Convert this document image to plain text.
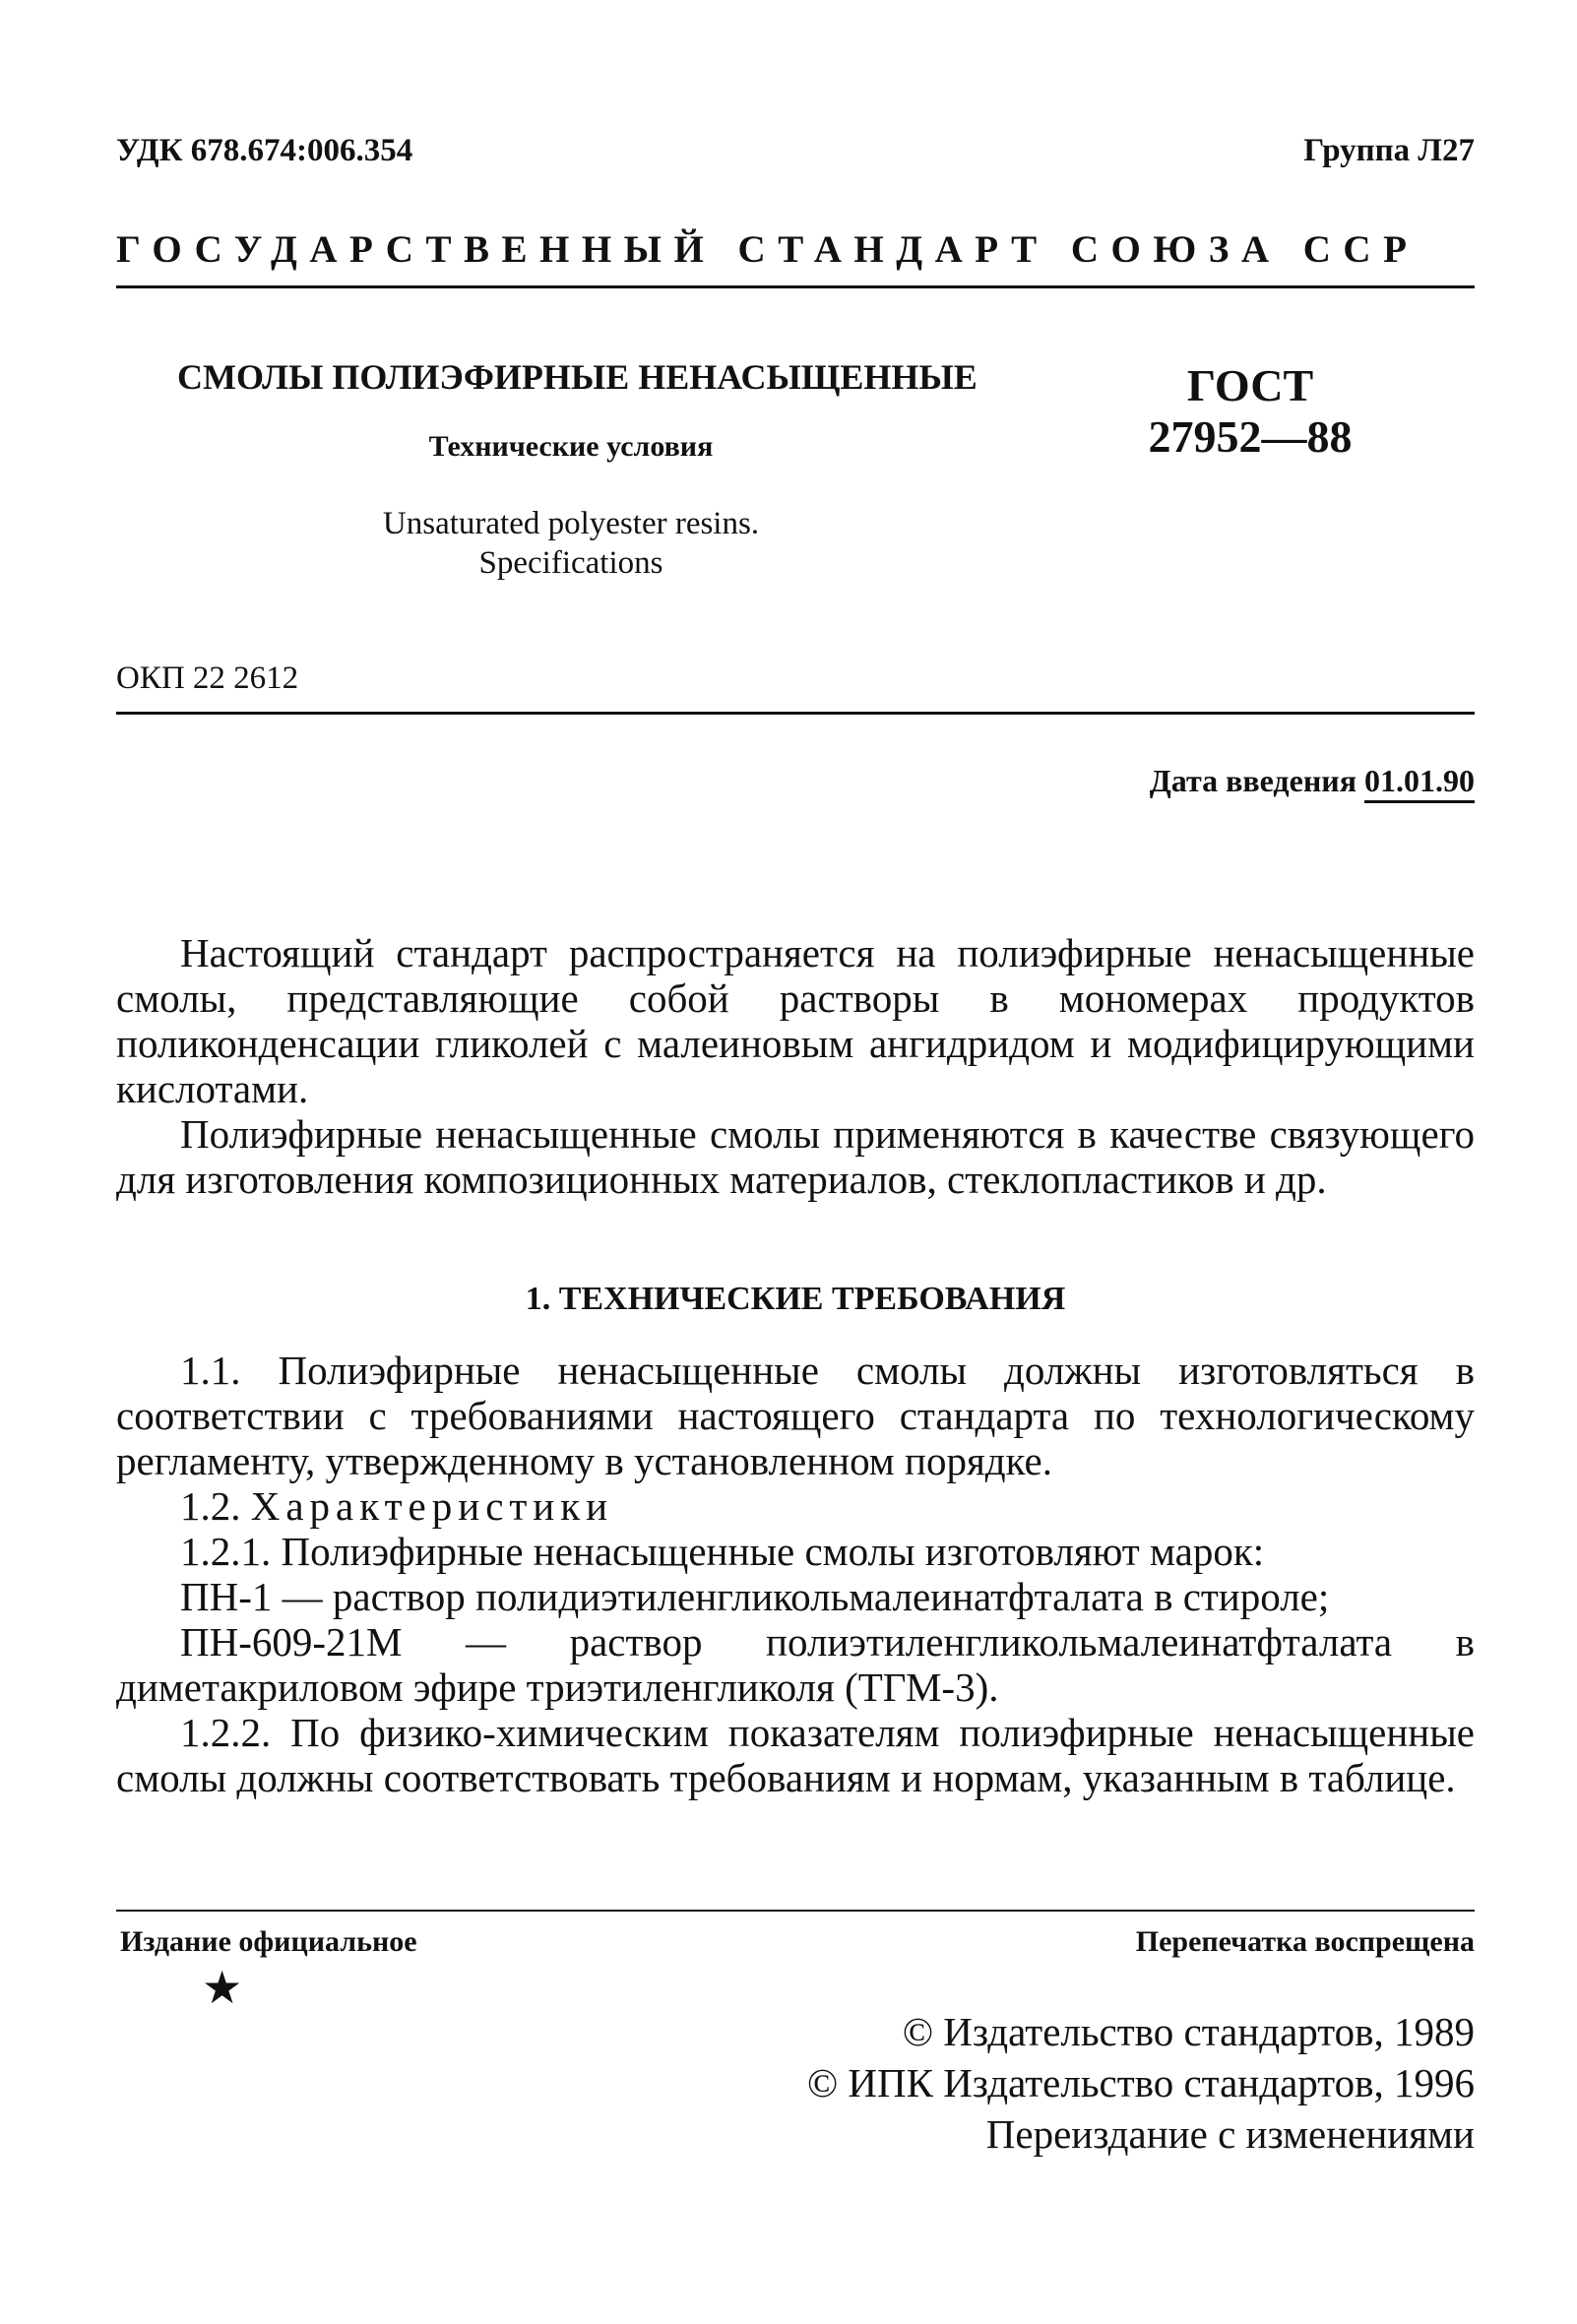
УДК 678.674:006.354	Группа Л27
ГОСУДАРСТВЕННЫЙ СТАНДАРТ СОЮЗА ССР
СМОЛЫ ПОЛИЭФИРНЫЕ НЕНАСЫЩЕННЫЕ
Технические условия
Unsaturated polyester resins.
Specifications
ГОСТ
27952—88
ОКП 22 2612
Дата введения 01.01.90

Настоящий стандарт распространяется на полиэфирные ненасыщенные смолы, представляющие собой растворы в мономерах продуктов поликонденсации гликолей с малеиновым ангидридом и модифицирующими кислотами.

Полиэфирные ненасыщенные смолы применяются в качестве связующего для изготовления композиционных материалов, стеклопластиков и др.

1. ТЕХНИЧЕСКИЕ ТРЕБОВАНИЯ

1.1. Полиэфирные ненасыщенные смолы должны изготовляться в соответствии с требованиями настоящего стандарта по технологическому регламенту, утвержденному в установленном порядке.

1.2. Характеристики

1.2.1. Полиэфирные ненасыщенные смолы изготовляют марок:

ПН-1 — раствор полидиэтиленгликольмалеинатфталата в стироле;

ПН-609-21М — раствор полиэтиленгликольмалеинатфталата в диметакриловом эфире триэтиленгликоля (ТГМ-3).

1.2.2. По физико-химическим показателям полиэфирные ненасыщенные смолы должны соответствовать требованиям и нормам, указанным в таблице.

Издание официальное	Перепечатка воспрещена
★
© Издательство стандартов, 1989
© ИПК Издательство стандартов, 1996
Переиздание с изменениями
